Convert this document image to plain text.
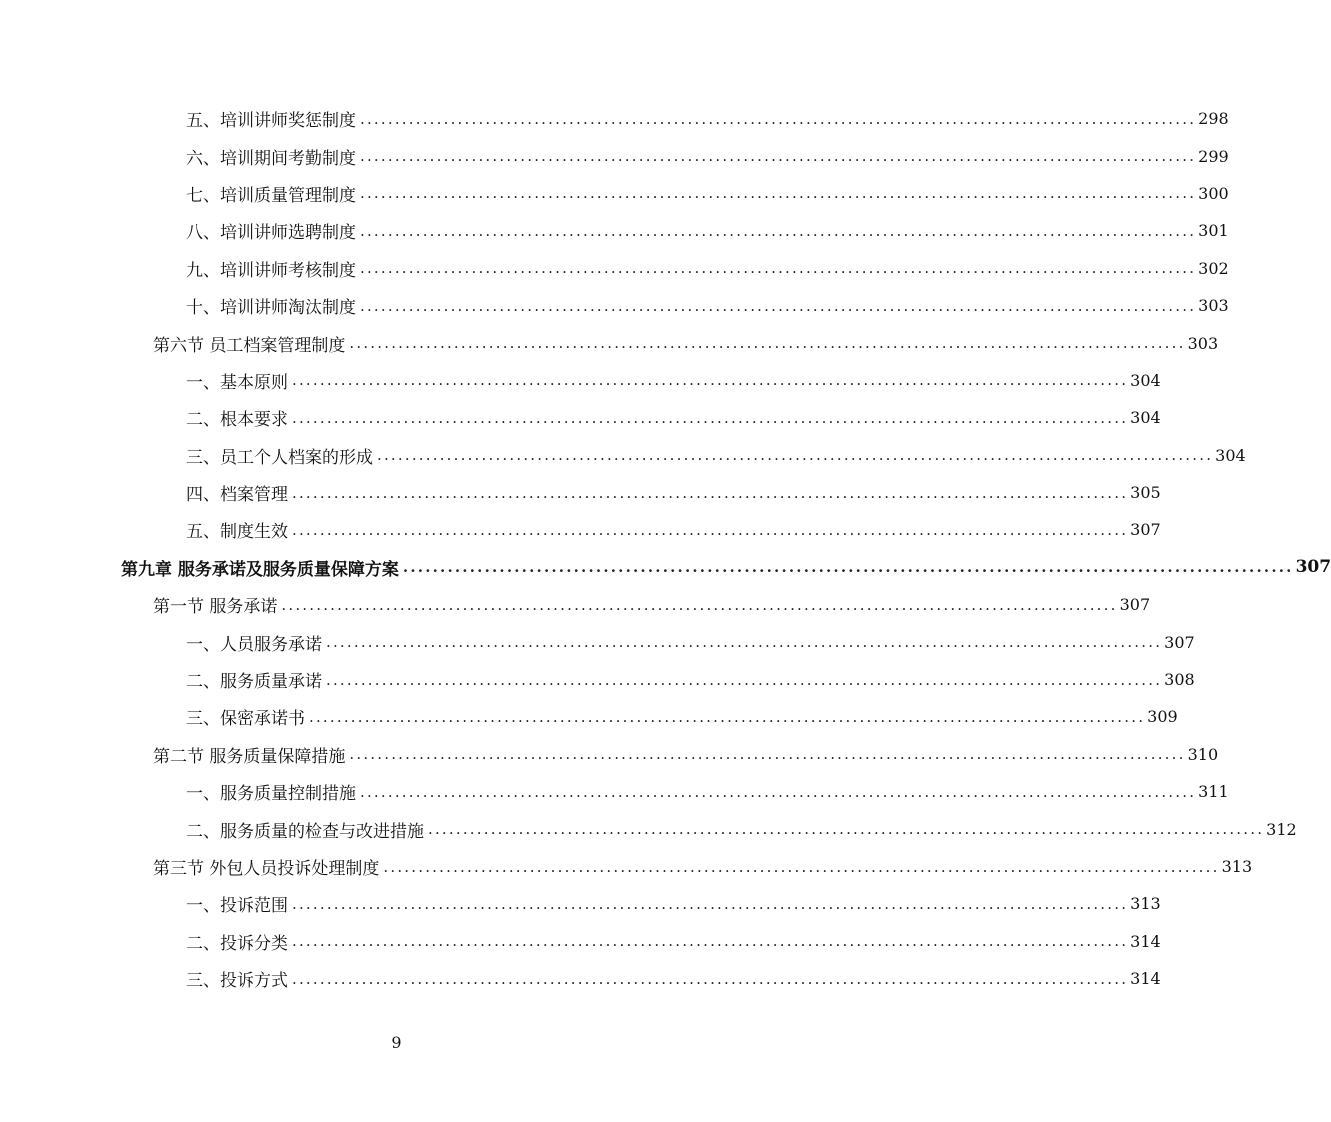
五、培训讲师奖惩制度 ........................................................................................................................ 298
六、培训期间考勤制度 ........................................................................................................................ 299
七、培训质量管理制度 ........................................................................................................................ 300
八、培训讲师选聘制度 ........................................................................................................................ 301
九、培训讲师考核制度 ........................................................................................................................ 302
十、培训讲师淘汰制度 ........................................................................................................................ 303
第六节 员工档案管理制度 ........................................................................................................................ 303
一、基本原则 ........................................................................................................................ 304
二、根本要求 ........................................................................................................................ 304
三、员工个人档案的形成 ........................................................................................................................ 304
四、档案管理 ........................................................................................................................ 305
五、制度生效 ........................................................................................................................ 307
第九章 服务承诺及服务质量保障方案 ........................................................................................................................ 307
第一节 服务承诺 ........................................................................................................................ 307
一、人员服务承诺 ........................................................................................................................ 307
二、服务质量承诺 ........................................................................................................................ 308
三、保密承诺书 ........................................................................................................................ 309
第二节 服务质量保障措施 ........................................................................................................................ 310
一、服务质量控制措施 ........................................................................................................................ 311
二、服务质量的检查与改进措施 ........................................................................................................................ 312
第三节 外包人员投诉处理制度 ........................................................................................................................ 313
一、投诉范围 ........................................................................................................................ 313
二、投诉分类 ........................................................................................................................ 314
三、投诉方式 ........................................................................................................................ 314
9
